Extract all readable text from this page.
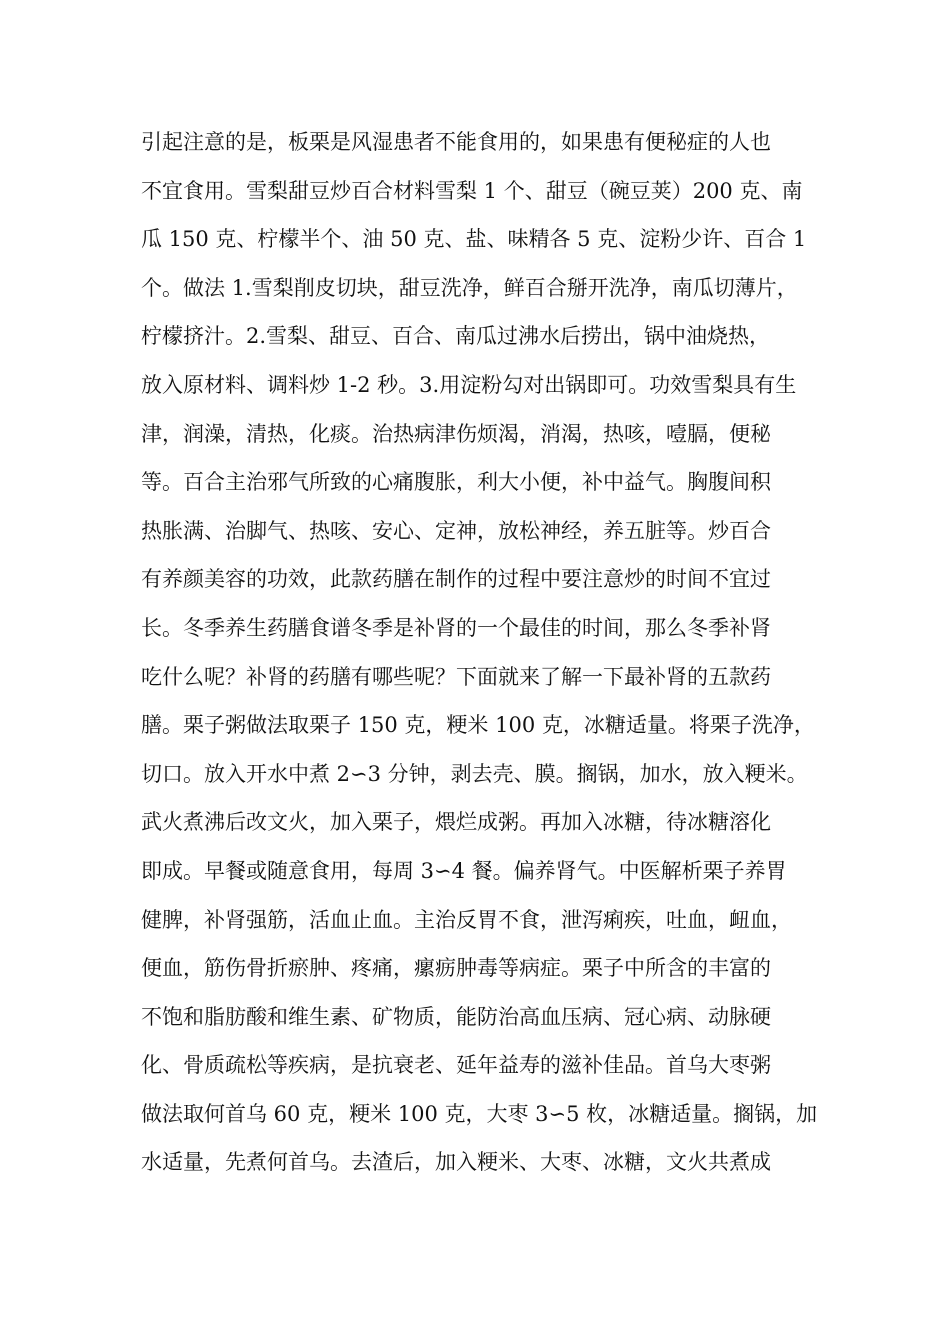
引起注意的是，板栗是风湿患者不能食用的，如果患有便秘症的人也
不宜食用。雪梨甜豆炒百合材料雪梨 1 个、甜豆（碗豆荚）200 克、南
瓜 150 克、柠檬半个、油 50 克、盐、味精各 5 克、淀粉少许、百合 1
个。做法 1.雪梨削皮切块，甜豆洗净，鲜百合掰开洗净，南瓜切薄片，
柠檬挤汁。2.雪梨、甜豆、百合、南瓜过沸水后捞出，锅中油烧热，
放入原材料、调料炒 1-2 秒。3.用淀粉勾对出锅即可。功效雪梨具有生
津，润澡，清热，化痰。治热病津伤烦渴，消渴，热咳，噎膈，便秘
等。百合主治邪气所致的心痛腹胀，利大小便，补中益气。胸腹间积
热胀满、治脚气、热咳、安心、定神，放松神经，养五脏等。炒百合
有养颜美容的功效，此款药膳在制作的过程中要注意炒的时间不宜过
长。冬季养生药膳食谱冬季是补肾的一个最佳的时间，那么冬季补肾
吃什么呢？补肾的药膳有哪些呢？下面就来了解一下最补肾的五款药
膳。栗子粥做法取栗子 150 克，粳米 100 克，冰糖适量。将栗子洗净，
切口。放入开水中煮 2∽3 分钟，剥去壳、膜。搁锅，加水，放入粳米。
武火煮沸后改文火，加入栗子，煨烂成粥。再加入冰糖，待冰糖溶化
即成。早餐或随意食用，每周 3∽4 餐。偏养肾气。中医解析栗子养胃
健脾，补肾强筋，活血止血。主治反胃不食，泄泻痢疾，吐血，衄血，
便血，筋伤骨折瘀肿、疼痛，瘰疬肿毒等病症。栗子中所含的丰富的
不饱和脂肪酸和维生素、矿物质，能防治高血压病、冠心病、动脉硬
化、骨质疏松等疾病，是抗衰老、延年益寿的滋补佳品。首乌大枣粥
做法取何首乌 60 克，粳米 100 克，大枣 3∽5 枚，冰糖适量。搁锅，加
水适量，先煮何首乌。去渣后，加入粳米、大枣、冰糖，文火共煮成
